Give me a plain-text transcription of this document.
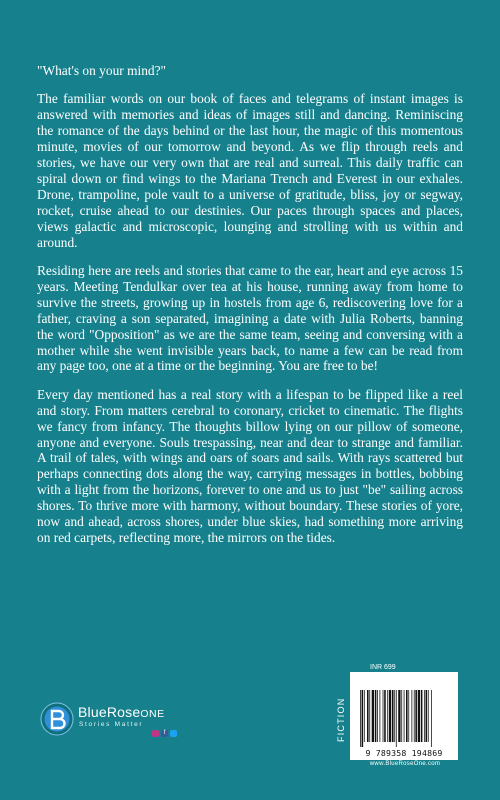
"What's on your mind?"

The familiar words on our book of faces and telegrams of instant images is answered with memories and ideas of images still and dancing. Reminiscing the romance of the days behind or the last hour, the magic of this momentous minute, movies of our tomorrow and beyond. As we flip through reels and stories, we have our very own that are real and surreal. This daily traffic can spiral down or find wings to the Mariana Trench and Everest in our exhales. Drone, trampoline, pole vault to a universe of gratitude, bliss, joy or segway, rocket, cruise ahead to our destinies. Our paces through spaces and places, views galactic and microscopic, lounging and strolling with us within and around.

Residing here are reels and stories that came to the ear, heart and eye across 15 years. Meeting Tendulkar over tea at his house, running away from home to survive the streets, growing up in hostels from age 6, rediscovering love for a father, craving a son separated, imagining a date with Julia Roberts, banning the word "Opposition" as we are the same team, seeing and conversing with a mother while she went invisible years back, to name a few can be read from any page too, one at a time or the beginning. You are free to be!

Every day mentioned has a real story with a lifespan to be flipped like a reel and story. From matters cerebral to coronary, cricket to cinematic. The flights we fancy from infancy. The thoughts billow lying on our pillow of someone, anyone and everyone. Souls trespassing, near and dear to strange and familiar. A trail of tales, with wings and oars of soars and sails. With rays scattered but perhaps connecting dots along the way, carrying messages in bottles, bobbing with a light from the horizons, forever to one and us to just "be" sailing across shores. To thrive more with harmony, without boundary. These stories of yore, now and ahead, across shores, under blue skies, had something more arriving on red carpets, reflecting more, the mirrors on the tides.

INR 699
FICTION
9 789358 194869
www.BlueRoseOne.com
BlueRoseONE
Stories Matter
f
